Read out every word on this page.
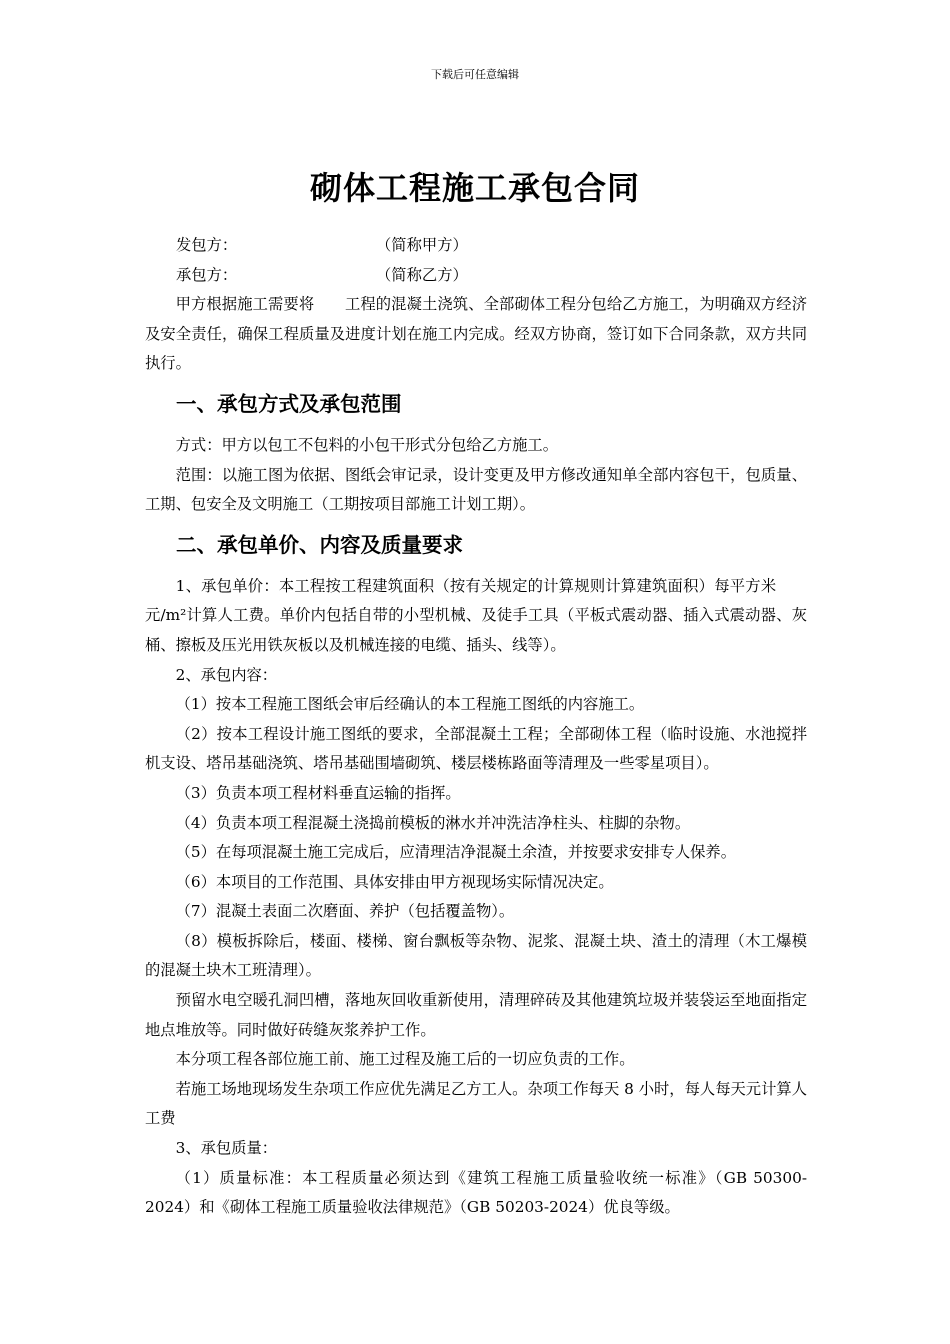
下载后可任意编辑
砌体工程施工承包合同

发包方：	（简称甲方）

承包方：	（简称乙方）

甲方根据施工需要将 工程的混凝土浇筑、全部砌体工程分包给乙方施工，为明确双方经济及安全责任，确保工程质量及进度计划在施工内完成。经双方协商，签订如下合同条款，双方共同执行。

一、承包方式及承包范围

方式：甲方以包工不包料的小包干形式分包给乙方施工。

范围：以施工图为依据、图纸会审记录，设计变更及甲方修改通知单全部内容包干，包质量、工期、包安全及文明施工（工期按项目部施工计划工期）。

二、承包单价、内容及质量要求

1、承包单价：本工程按工程建筑面积（按有关规定的计算规则计算建筑面积）每平方米元/m²计算人工费。单价内包括自带的小型机械、及徒手工具（平板式震动器、插入式震动器、灰桶、擦板及压光用铁灰板以及机械连接的电缆、插头、线等）。

2、承包内容：

（1）按本工程施工图纸会审后经确认的本工程施工图纸的内容施工。

（2）按本工程设计施工图纸的要求，全部混凝土工程；全部砌体工程（临时设施、水池搅拌机支设、塔吊基础浇筑、塔吊基础围墙砌筑、楼层楼栋路面等清理及一些零星项目）。

（3）负责本项工程材料垂直运输的指挥。

（4）负责本项工程混凝土浇捣前模板的淋水并冲洗洁净柱头、柱脚的杂物。

（5）在每项混凝土施工完成后，应清理洁净混凝土余渣，并按要求安排专人保养。

（6）本项目的工作范围、具体安排由甲方视现场实际情况决定。

（7）混凝土表面二次磨面、养护（包括覆盖物）。

（8）模板拆除后，楼面、楼梯、窗台飘板等杂物、泥浆、混凝土块、渣土的清理（木工爆模的混凝土块木工班清理）。

预留水电空暖孔洞凹槽，落地灰回收重新使用，清理碎砖及其他建筑垃圾并装袋运至地面指定地点堆放等。同时做好砖缝灰浆养护工作。

本分项工程各部位施工前、施工过程及施工后的一切应负责的工作。

若施工场地现场发生杂项工作应优先满足乙方工人。杂项工作每天 8 小时，每人每天元计算人工费

3、承包质量：

（1）质量标准：本工程质量必须达到《建筑工程施工质量验收统一标准》（GB 50300-2024）和《砌体工程施工质量验收法律规范》（GB 50203-2024）优良等级。
